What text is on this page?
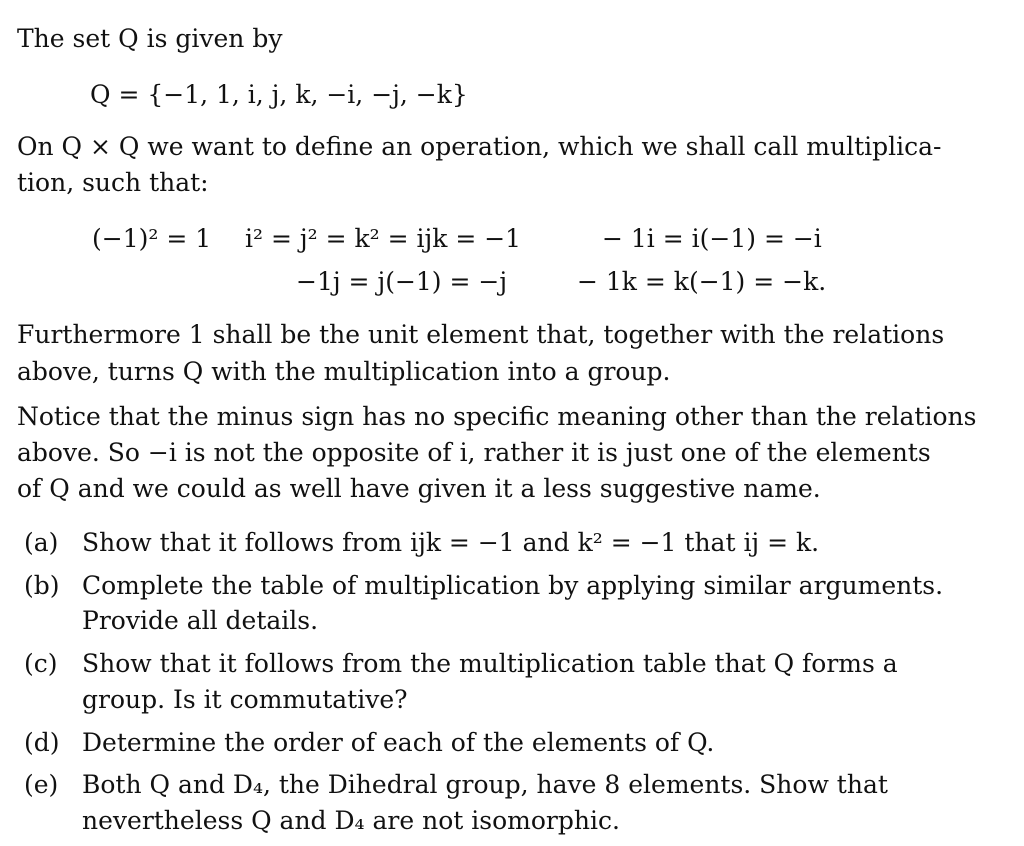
The set Q is given by
Q = {−1, 1, i, j, k, −i, −j, −k}
On Q × Q we want to define an operation, which we shall call multiplica-
tion, such that:
(−1)² = 1 i² = j² = k² = ijk = −1	− 1i = i(−1) = −i
−1j = j(−1) = −j	− 1k = k(−1) = −k.
Furthermore 1 shall be the unit element that, together with the relations
above, turns Q with the multiplication into a group.
Notice that the minus sign has no specific meaning other than the relations
above. So −i is not the opposite of i, rather it is just one of the elements
of Q and we could as well have given it a less suggestive name.
(a) Show that it follows from ijk = −1 and k² = −1 that ij = k.
(b) Complete the table of multiplication by applying similar arguments.
Provide all details.
(c) Show that it follows from the multiplication table that Q forms a
group. Is it commutative?
(d) Determine the order of each of the elements of Q.
(e) Both Q and D₄, the Dihedral group, have 8 elements. Show that
nevertheless Q and D₄ are not isomorphic.
